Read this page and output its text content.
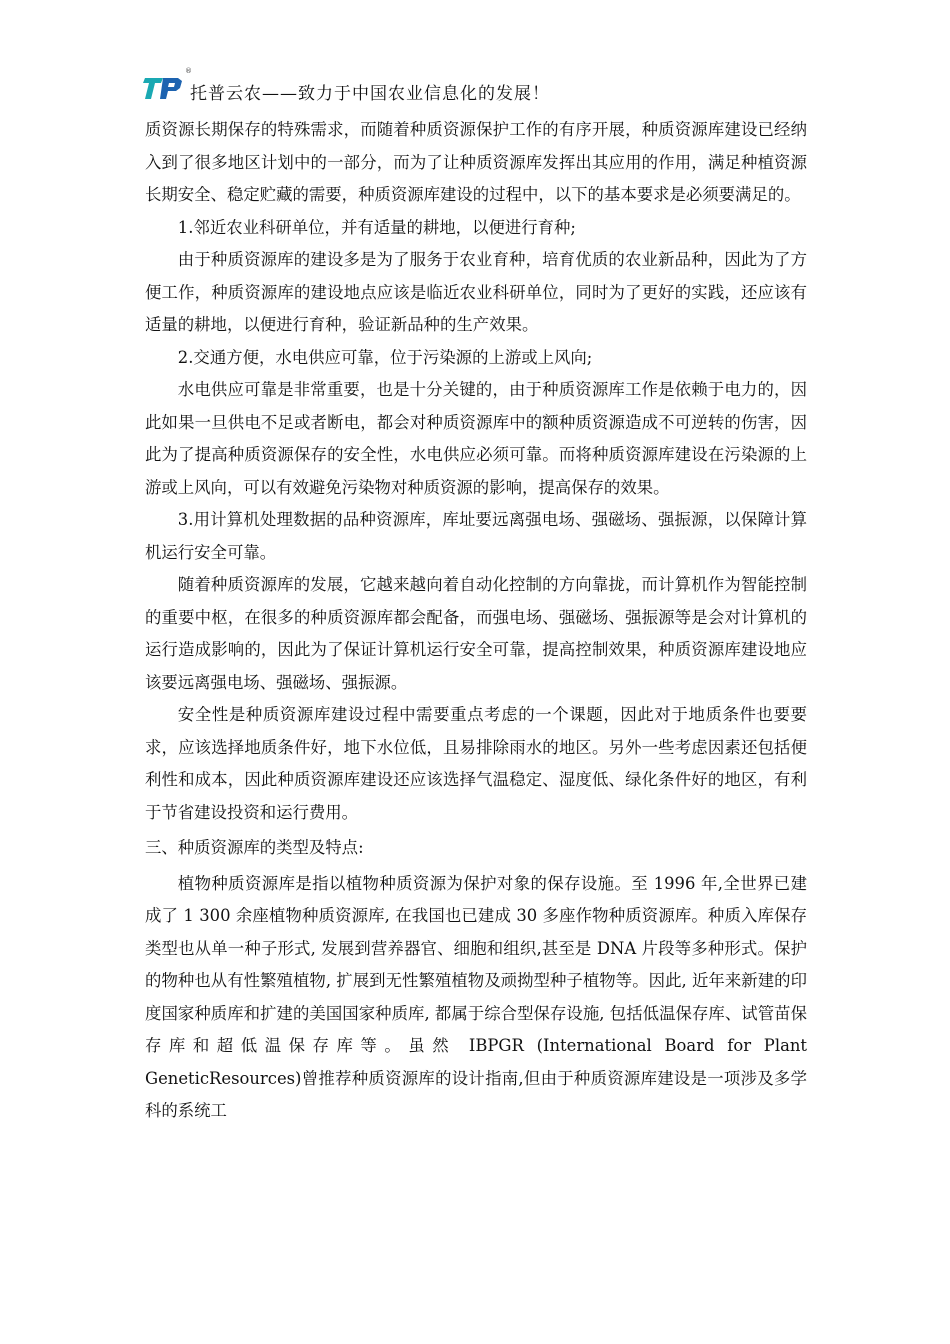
®
托普云农——致力于中国农业信息化的发展！

质资源长期保存的特殊需求，而随着种质资源保护工作的有序开展，种质资源库建设已经纳入到了很多地区计划中的一部分，而为了让种质资源库发挥出其应用的作用，满足种植资源长期安全、稳定贮藏的需要，种质资源库建设的过程中，以下的基本要求是必须要满足的。

1.邻近农业科研单位，并有适量的耕地，以便进行育种;

由于种质资源库的建设多是为了服务于农业育种，培育优质的农业新品种，因此为了方便工作，种质资源库的建设地点应该是临近农业科研单位，同时为了更好的实践，还应该有适量的耕地，以便进行育种，验证新品种的生产效果。

2.交通方便，水电供应可靠，位于污染源的上游或上风向;

水电供应可靠是非常重要，也是十分关键的，由于种质资源库工作是依赖于电力的，因此如果一旦供电不足或者断电，都会对种质资源库中的额种质资源造成不可逆转的伤害，因此为了提高种质资源保存的安全性，水电供应必须可靠。而将种质资源库建设在污染源的上游或上风向，可以有效避免污染物对种质资源的影响，提高保存的效果。

3.用计算机处理数据的品种资源库，库址要远离强电场、强磁场、强振源，以保障计算机运行安全可靠。

随着种质资源库的发展，它越来越向着自动化控制的方向靠拢，而计算机作为智能控制的重要中枢，在很多的种质资源库都会配备，而强电场、强磁场、强振源等是会对计算机的运行造成影响的，因此为了保证计算机运行安全可靠，提高控制效果，种质资源库建设地应该要远离强电场、强磁场、强振源。

安全性是种质资源库建设过程中需要重点考虑的一个课题，因此对于地质条件也要要求，应该选择地质条件好，地下水位低，且易排除雨水的地区。另外一些考虑因素还包括便利性和成本，因此种质资源库建设还应该选择气温稳定、湿度低、绿化条件好的地区，有利于节省建设投资和运行费用。

三、种质资源库的类型及特点:

植物种质资源库是指以植物种质资源为保护对象的保存设施。至 1996 年,全世界已建成了 1 300 余座植物种质资源库, 在我国也已建成 30 多座作物种质资源库。种质入库保存类型也从单一种子形式, 发展到营养器官、细胞和组织,甚至是 DNA 片段等多种形式。保护的物种也从有性繁殖植物, 扩展到无性繁殖植物及顽拗型种子植物等。因此, 近年来新建的印度国家种质库和扩建的美国国家种质库, 都属于综合型保存设施, 包括低温保存库、试管苗保存库和超低温保存库等。虽然 IBPGR (International Board for Plant GeneticResources)曾推荐种质资源库的设计指南,但由于种质资源库建设是一项涉及多学科的系统工
